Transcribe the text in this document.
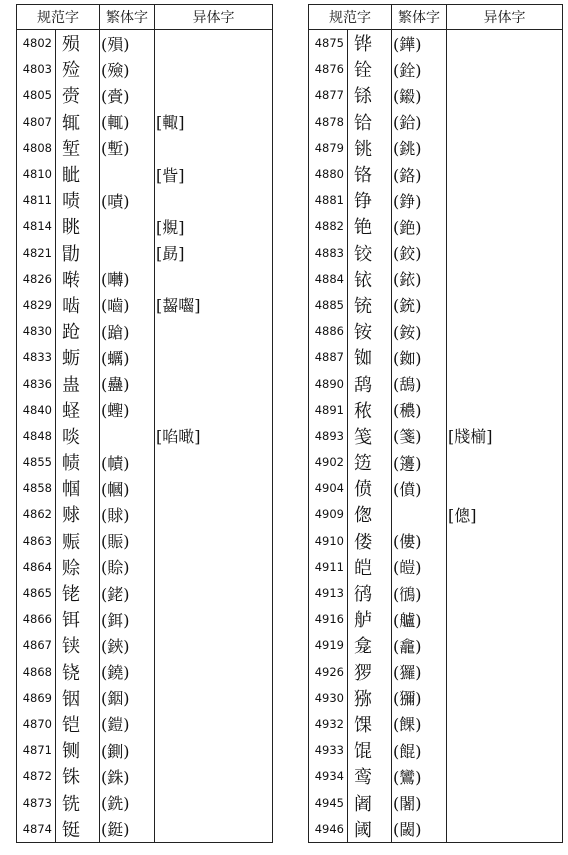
规范字		繁体字	异体字
4802	殒	(殞)	
4803	殓	(殮)	
4805	赍	(賫)	
4807	辄	(輒)	[輙]
4808	堑	(塹)	
4810	眦		[眥]
4811	啧	(嘖)	
4814	眺		[覜]
4821	勖		[勗]
4826	啭	(囀)	
4829	啮	(嚙)	[齧囓]
4830	跄	(蹌)	
4833	蛎	(蠣)	
4836	蛊	(蠱)	
4840	蛏	(蟶)	
4848	啖		[啗噉]
4855	帻	(幘)	
4858	帼	(幗)	
4862	赇	(賕)	
4863	赈	(賑)	
4864	赊	(賒)	
4865	铑	(銠)	
4866	铒	(鉺)	
4867	铗	(鋏)	
4868	铙	(鐃)	
4869	铟	(銦)	
4870	铠	(鎧)	
4871	铡	(鍘)	
4872	铢	(銖)	
4873	铣	(銑)	
4874	铤	(鋌)	
规范字		繁体字	异体字
4875	铧	(鏵)	
4876	铨	(銓)	
4877	铩	(鎩)	
4878	铪	(鉿)	
4879	铫	(銚)	
4880	铬	(鉻)	
4881	铮	(錚)	
4882	铯	(銫)	
4883	铰	(鉸)	
4884	铱	(銥)	
4885	铳	(銃)	
4886	铵	(銨)	
4887	铷	(銣)	
4890	鸹	(鴰)	
4891	秾	(穠)	
4893	笺	(箋)	[牋椾]
4902	笾	(籩)	
4904	偾	(僨)	
4909	偬		[傯]
4910	偻	(僂)	
4911	皑	(皚)	
4913	鸻	(鴴)	
4916	舻	(艫)	
4919	龛	(龕)	
4926	猡	(玀)	
4930	猕	(獼)	
4932	馃	(餜)	
4933	馄	(餛)	
4934	鸾	(鸞)	
4945	阇	(闍)	
4946	阈	(閾)	
